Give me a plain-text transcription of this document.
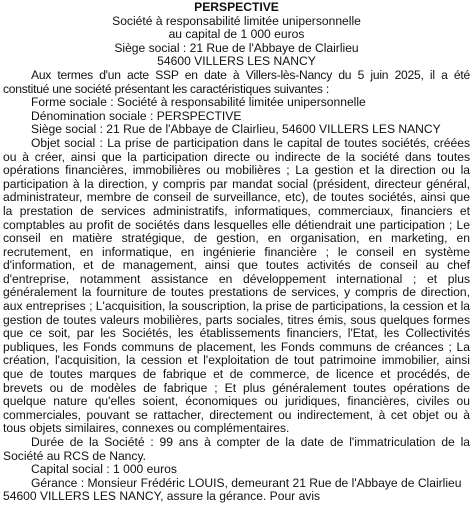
PERSPECTIVE
Société à responsabilité limitée unipersonnelle
au capital de 1 000 euros
Siège social : 21 Rue de l'Abbaye de Clairlieu
54600 VILLERS LES NANCY

Aux termes d'un acte SSP en date à Villers-lès-Nancy du 5 juin 2025, il a été constitué une société présentant les caractéristiques suivantes :

Forme sociale : Société à responsabilité limitée unipersonnelle

Dénomination sociale : PERSPECTIVE

Siège social : 21 Rue de l'Abbaye de Clairlieu, 54600 VILLERS LES NANCY

Objet social : La prise de participation dans le capital de toutes sociétés, créées ou à créer, ainsi que la participation directe ou indirecte de la société dans toutes opérations financières, immobilières ou mobilières ; La gestion et la direction ou la participation à la direction, y compris par mandat social (président, directeur général, administrateur, membre de conseil de surveillance, etc), de toutes sociétés, ainsi que la prestation de services administratifs, informatiques, commerciaux, financiers et comptables au profit de sociétés dans lesquelles elle détiendrait une participation ; Le conseil en matière stratégique, de gestion, en organisation, en marketing, en recrutement, en informatique, en ingénierie financière ; le conseil en système d'information, et de management, ainsi que toutes activités de conseil au chef d'entreprise, notamment assistance en développement international ; et plus généralement la fourniture de toutes prestations de services, y compris de direction, aux entreprises ; L'acquisition, la souscription, la prise de participations, la cession et la gestion de toutes valeurs mobilières, parts sociales, titres émis, sous quelques formes que ce soit, par les Sociétés, les établissements financiers, l'Etat, les Collectivités publiques, les Fonds communs de placement, les Fonds communs de créances ; La création, l'acquisition, la cession et l'exploitation de tout patrimoine immobilier, ainsi que de toutes marques de fabrique et de commerce, de licence et procédés, de brevets ou de modèles de fabrique ; Et plus généralement toutes opérations de quelque nature qu'elles soient, économiques ou juridiques, financières, civiles ou commerciales, pouvant se rattacher, directement ou indirectement, à cet objet ou à tous objets similaires, connexes ou complémentaires.

Durée de la Société : 99 ans à compter de la date de l'immatriculation de la Société au RCS de Nancy.

Capital social : 1 000 euros

Gérance : Monsieur Frédéric LOUIS, demeurant 21 Rue de l'Abbaye de Clairlieu

54600 VILLERS LES NANCY, assure la gérance. Pour avis
